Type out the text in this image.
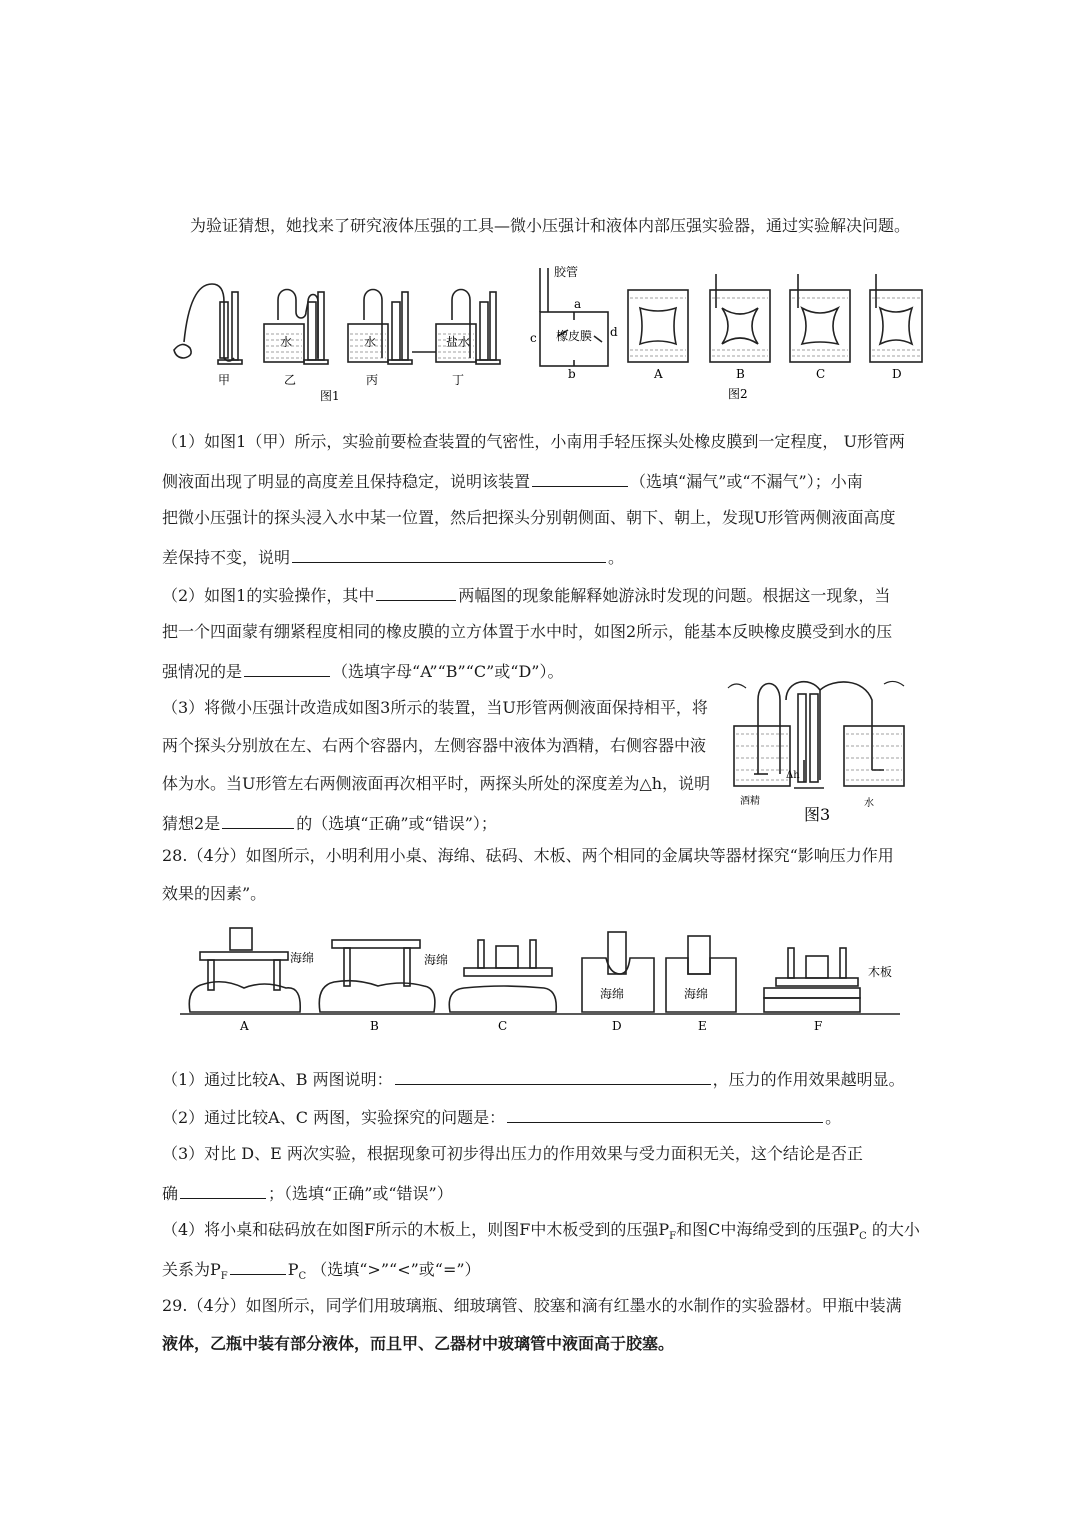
为验证猜想，她找来了研究液体压强的工具—微小压强计和液体内部压强实验器，通过实验解决问题。
水	水	盐水
甲	乙	丙	丁
图1
胶管
橡皮膜
a
b
c	d
A	B	C	D
图2
（1）如图1（甲）所示，实验前要检查装置的气密性，小南用手轻压探头处橡皮膜到一定程度， U形管两
侧液面出现了明显的高度差且保持稳定，说明该装置	（选填“漏气”或“不漏气”）；小南
把微小压强计的探头浸入水中某一位置，然后把探头分别朝侧面、朝下、朝上，发现U形管两侧液面高度
差保持不变，说明	。
（2）如图1的实验操作，其中	两幅图的现象能解释她游泳时发现的问题。根据这一现象，当
把一个四面蒙有绷紧程度相同的橡皮膜的立方体置于水中时，如图2所示，能基本反映橡皮膜受到水的压
强情况的是	（选填字母“A”“B”“C”或“D”）。
（3）将微小压强计改造成如图3所示的装置，当U形管两侧液面保持相平，将
两个探头分别放在左、右两个容器内，左侧容器中液体为酒精，右侧容器中液
体为水。当U形管左右两侧液面再次相平时，两探头所处的深度差为△h，说明
猜想2是	的（选填“正确”或“错误”）；
Δh
酒精	水
图3
28.（4分）如图所示，小明利用小桌、海绵、砝码、木板、两个相同的金属块等器材探究“影响压力作用
效果的因素”。
海绵	海绵
海绵	海绵
木板
A	B	C	D	E	F
（1）通过比较A、B 两图说明：	，压力的作用效果越明显。
（2）通过比较A、C 两图，实验探究的问题是：	。
（3）对比 D、E 两次实验，根据现象可初步得出压力的作用效果与受力面积无关，这个结论是否正
确	；（选填“正确”或“错误”）
（4）将小桌和砝码放在如图F所示的木板上，则图F中木板受到的压强$P_F$和图C中海绵受到的压强$P_C$ 的大小
关系为$P_F$	$P_C$ （选填“>”“<”或“=”）
29.（4分）如图所示，同学们用玻璃瓶、细玻璃管、胶塞和滴有红墨水的水制作的实验器材。甲瓶中装满
液体，乙瓶中装有部分液体，而且甲、乙器材中玻璃管中液面高于胶塞。
